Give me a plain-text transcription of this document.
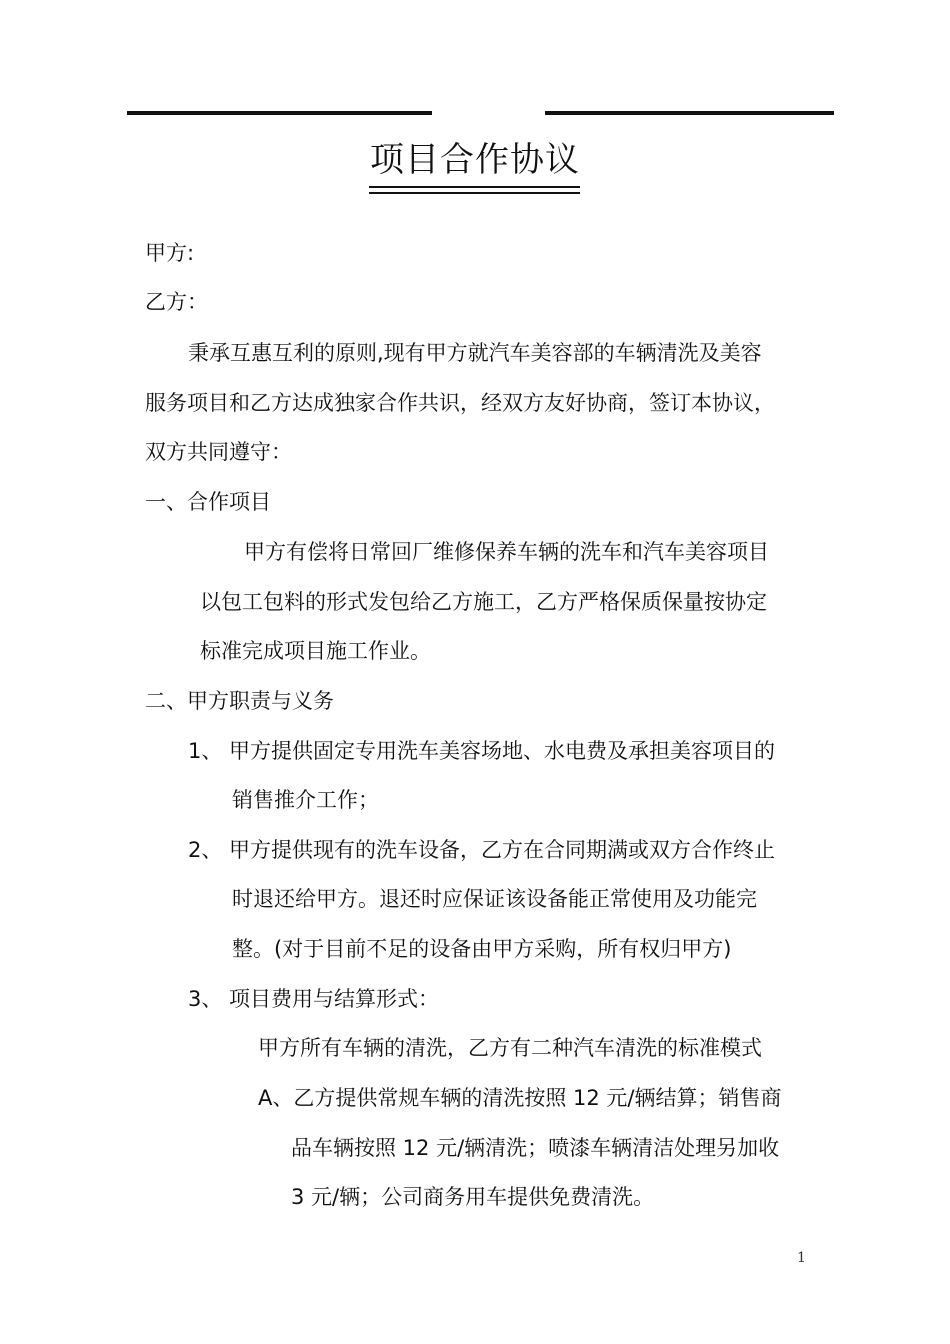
项目合作协议
甲方:
乙方：
秉承互惠互利的原则,现有甲方就汽车美容部的车辆清洗及美容
服务项目和乙方达成独家合作共识，经双方友好协商，签订本协议，
双方共同遵守：
一、合作项目
甲方有偿将日常回厂维修保养车辆的洗车和汽车美容项目
以包工包料的形式发包给乙方施工，乙方严格保质保量按协定
标准完成项目施工作业。
二、甲方职责与义务
1、 甲方提供固定专用洗车美容场地、水电费及承担美容项目的
销售推介工作；
2、 甲方提供现有的洗车设备，乙方在合同期满或双方合作终止
时退还给甲方。退还时应保证该设备能正常使用及功能完
整。(对于目前不足的设备由甲方采购，所有权归甲方)
3、 项目费用与结算形式：
甲方所有车辆的清洗，乙方有二种汽车清洗的标准模式
A、乙方提供常规车辆的清洗按照 12 元/辆结算；销售商
品车辆按照 12 元/辆清洗；喷漆车辆清洁处理另加收
3 元/辆；公司商务用车提供免费清洗。
1
